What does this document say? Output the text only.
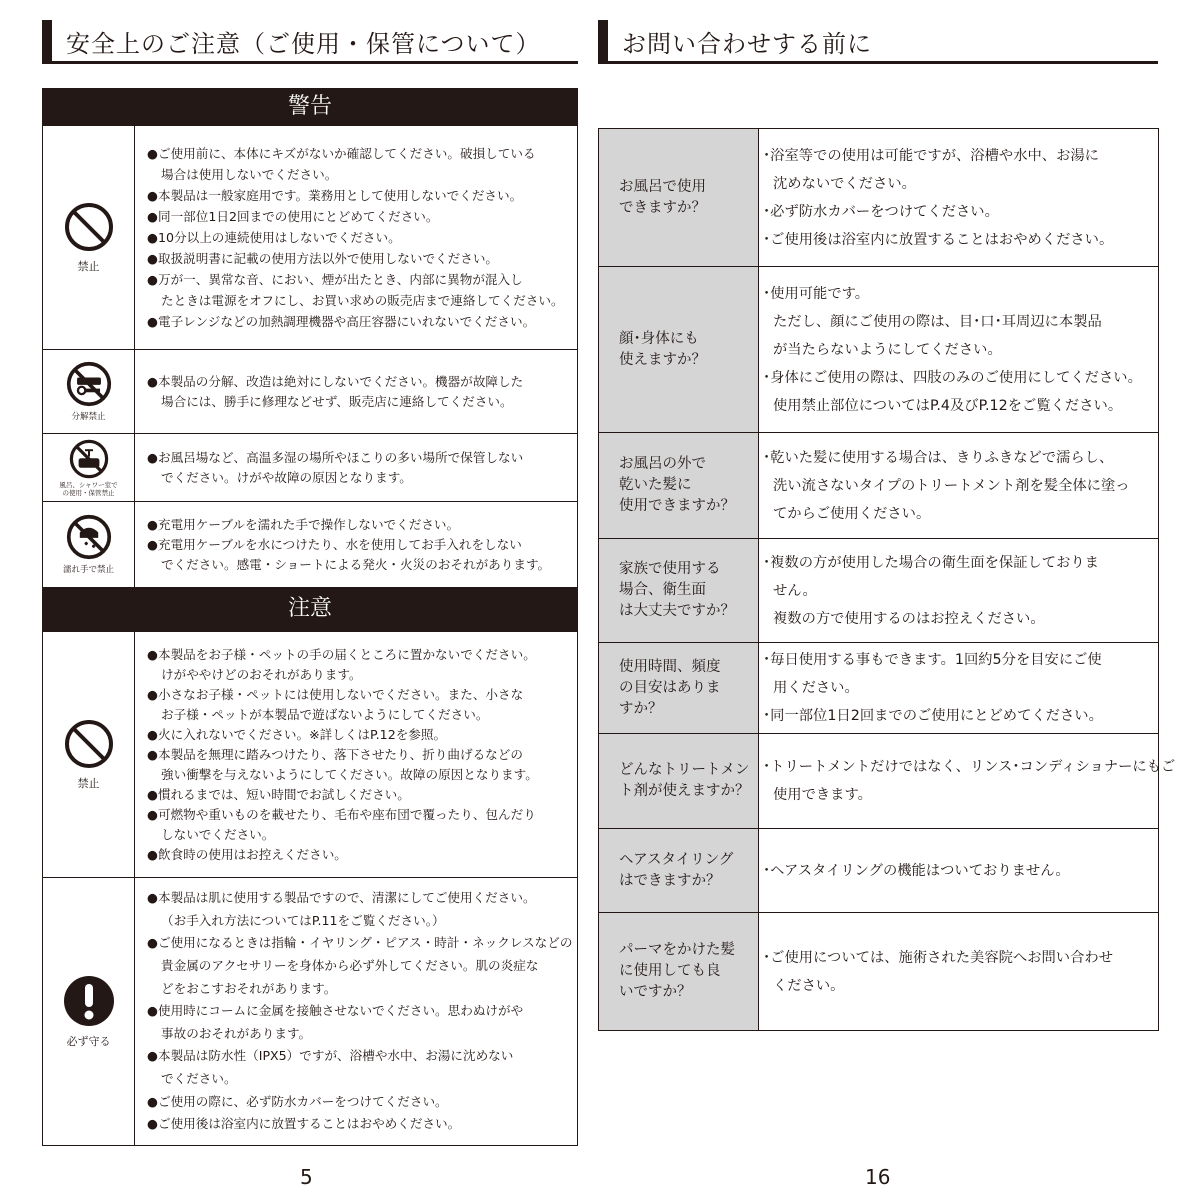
安全上のご注意（ご使用・保管について）
警告
禁止
●ご使用前に、本体にキズがないか確認してください。破損している
場合は使用しないでください。
●本製品は一般家庭用です。業務用として使用しないでください。
●同一部位1日2回までの使用にとどめてください。
●10分以上の連続使用はしないでください。
●取扱説明書に記載の使用方法以外で使用しないでください。
●万が一、異常な音、におい、煙が出たとき、内部に異物が混入し
たときは電源をオフにし、お買い求めの販売店まで連絡してください。
●電子レンジなどの加熱調理機器や高圧容器にいれないでください。
分解禁止
●本製品の分解、改造は絶対にしないでください。機器が故障した
場合には、勝手に修理などせず、販売店に連絡してください。
風呂、シャワー室で
の使用・保管禁止
●お風呂場など、高温多湿の場所やほこりの多い場所で保管しない
でください。けがや故障の原因となります。
濡れ手で禁止
●充電用ケーブルを濡れた手で操作しないでください。
●充電用ケーブルを水につけたり、水を使用してお手入れをしない
でください。感電・ショートによる発火・火災のおそれがあります。
注意
禁止
●本製品をお子様・ペットの手の届くところに置かないでください。
けがややけどのおそれがあります。
●小さなお子様・ペットには使用しないでください。また、小さな
お子様・ペットが本製品で遊ばないようにしてください。
●火に入れないでください。※詳しくはP.12を参照。
●本製品を無理に踏みつけたり、落下させたり、折り曲げるなどの
強い衝撃を与えないようにしてください。故障の原因となります。
●慣れるまでは、短い時間でお試しください。
●可燃物や重いものを載せたり、毛布や座布団で覆ったり、包んだり
しないでください。
●飲食時の使用はお控えください。
必ず守る
●本製品は肌に使用する製品ですので、清潔にしてご使用ください。
（お手入れ方法についてはP.11をご覧ください。）
●ご使用になるときは指輪・イヤリング・ピアス・時計・ネックレスなどの
貴金属のアクセサリーを身体から必ず外してください。肌の炎症な
どをおこすおそれがあります。
●使用時にコームに金属を接触させないでください。思わぬけがや
事故のおそれがあります。
●本製品は防水性（IPX5）ですが、浴槽や水中、お湯に沈めない
でください。
●ご使用の際に、必ず防水カバーをつけてください。
●ご使用後は浴室内に放置することはおやめください。
5
お問い合わせする前に
お風呂で使用
できますか？
･浴室等での使用は可能ですが、浴槽や水中、お湯に
沈めないでください。
･必ず防水カバーをつけてください。
･ご使用後は浴室内に放置することはおやめください。
顔･身体にも
使えますか？
･使用可能です。
ただし、顔にご使用の際は、目･口･耳周辺に本製品
が当たらないようにしてください。
･身体にご使用の際は、四肢のみのご使用にしてください。
使用禁止部位についてはP.4及びP.12をご覧ください。
お風呂の外で
乾いた髪に
使用できますか？
･乾いた髪に使用する場合は、きりふきなどで濡らし、
洗い流さないタイプのトリートメント剤を髪全体に塗っ
てからご使用ください。
家族で使用する
場合、衛生面
は大丈夫ですか？
･複数の方が使用した場合の衛生面を保証しておりま
せん。
複数の方で使用するのはお控えください。
使用時間、頻度
の目安はありま
すか？
･毎日使用する事もできます。1回約5分を目安にご使
用ください。
･同一部位1日2回までのご使用にとどめてください。
どんなトリートメン
ト剤が使えますか？
･トリートメントだけではなく、リンス･コンディショナーにもご
使用できます。
ヘアスタイリング
はできますか？
･ヘアスタイリングの機能はついておりません。
パーマをかけた髪
に使用しても良
いですか？
･ご使用については、施術された美容院へお問い合わせ
ください。
16
